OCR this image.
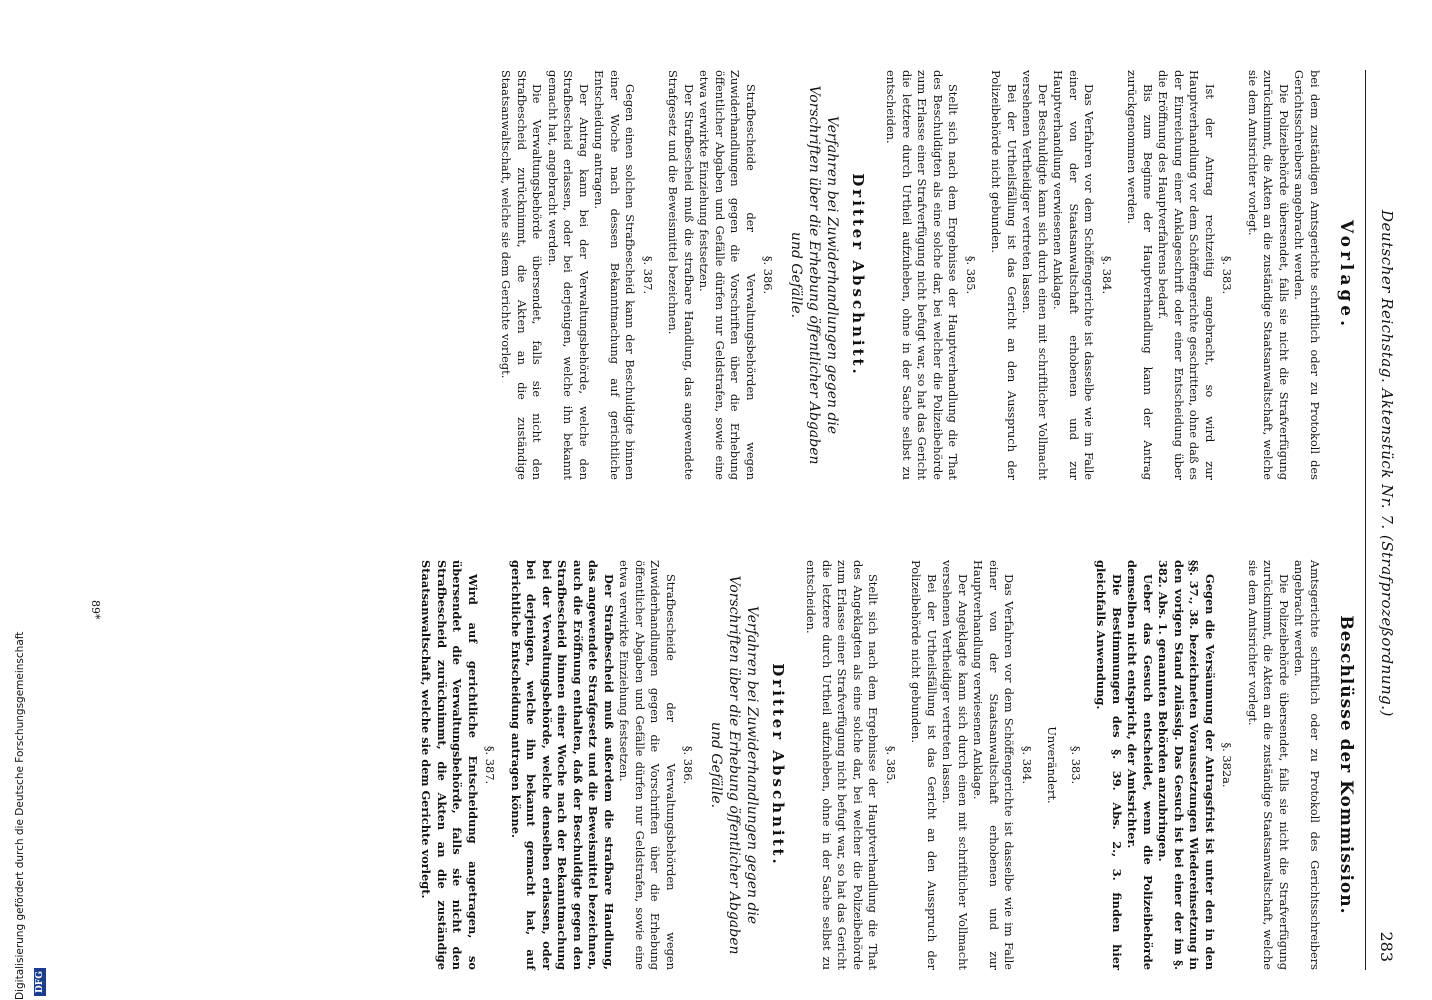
Deutscher Reichstag. Aktenstück Nr. 7. (Strafprozeßordnung.)
283
Vorlage.
Beschlüsse der Kommission.

bei dem zuständigen Amtsgerichte schriftlich oder zu Protokoll des Gerichtsschreibers angebracht werden.

Die Polizeibehörde übersendet, falls sie nicht die Strafverfügung zurücknimmt, die Akten an die zuständige Staatsanwaltschaft, welche sie dem Amtsrichter vorlegt.

§. 383.

Ist der Antrag rechtzeitig angebracht, so wird zur Hauptverhandlung vor dem Schöffengerichte geschritten, ohne daß es der Einreichung einer Anklageschrift oder einer Entscheidung über die Eröffnung des Hauptverfahrens bedarf.

Bis zum Beginne der Hauptverhandlung kann der Antrag zurückgenommen werden.

§. 384.

Das Verfahren vor dem Schöffengerichte ist dasselbe wie im Falle einer von der Staatsanwaltschaft erhobenen und zur Hauptverhandlung verwiesenen Anklage.

Der Beschuldigte kann sich durch einen mit schriftlicher Vollmacht versehenen Vertheidiger vertreten lassen.

Bei der Urtheilsfällung ist das Gericht an den Ausspruch der Polizeibehörde nicht gebunden.

§. 385.

Stellt sich nach dem Ergebnisse der Hauptverhandlung die That des Beschuldigten als eine solche dar, bei welcher die Polizeibehörde zum Erlasse einer Strafverfügung nicht befugt war, so hat das Gericht die letztere durch Urtheil aufzuheben, ohne in der Sache selbst zu entscheiden.

Dritter Abschnitt.

Verfahren bei Zuwiderhandlungen gegen die Vorschriften über die Erhebung öffentlicher Abgaben und Gefälle.

§. 386.

Strafbescheide der Verwaltungsbehörden wegen Zuwiderhandlungen gegen die Vorschriften über die Erhebung öffentlicher Abgaben und Gefälle dürfen nur Geldstrafen, sowie eine etwa verwirkte Einziehung festsetzen.

Der Strafbescheid muß die strafbare Handlung, das angewendete Strafgesetz und die Beweismittel bezeichnen.

§. 387.

Gegen einen solchen Strafbescheid kann der Beschuldigte binnen einer Woche nach dessen Bekanntmachung auf gerichtliche Entscheidung antragen.

Der Antrag kann bei der Verwaltungsbehörde, welche den Strafbescheid erlassen, oder bei derjenigen, welche ihn bekannt gemacht hat, angebracht werden.

Die Verwaltungsbehörde übersendet, falls sie nicht den Strafbescheid zurücknimmt, die Akten an die zuständige Staatsanwaltschaft, welche sie dem Gerichte vorlegt.

Amtsgerichte schriftlich oder zu Protokoll des Gerichtsschreibers angebracht werden.

Die Polizeibehörde übersendet, falls sie nicht die Strafverfügung zurücknimmt, die Akten an die zuständige Staatsanwaltschaft, welche sie dem Amtsrichter vorlegt.

§. 382a.

Gegen die Versäumung der Antragsfrist ist unter den in den §§. 37., 38. bezeichneten Voraussetzungen Wiedereinsetzung in den vorigen Stand zulässig. Das Gesuch ist bei einer der im §. 382. Abs. 1. genannten Behörden anzubringen.

Ueber das Gesuch entscheidet, wenn die Polizeibehörde demselben nicht entspricht, der Amtsrichter.

Die Bestimmungen des §. 39. Abs. 2., 3. finden hier gleichfalls Anwendung.

§. 383.

Unverändert.

§. 384.

Das Verfahren vor dem Schöffengerichte ist dasselbe wie im Falle einer von der Staatsanwaltschaft erhobenen und zur Hauptverhandlung verwiesenen Anklage.

Der Angeklagte kann sich durch einen mit schriftlicher Vollmacht versehenen Vertheidiger vertreten lassen.

Bei der Urtheilsfällung ist das Gericht an den Ausspruch der Polizeibehörde nicht gebunden.

§. 385.

Stellt sich nach dem Ergebnisse der Hauptverhandlung die That des Angeklagten als eine solche dar, bei welcher die Polizeibehörde zum Erlasse einer Strafverfügung nicht befugt war, so hat das Gericht die letztere durch Urtheil aufzuheben, ohne in der Sache selbst zu entscheiden.

Dritter Abschnitt.

Verfahren bei Zuwiderhandlungen gegen die Vorschriften über die Erhebung öffentlicher Abgaben und Gefälle.

§. 386.

Strafbescheide der Verwaltungsbehörden wegen Zuwiderhandlungen gegen die Vorschriften über die Erhebung öffentlicher Abgaben und Gefälle dürfen nur Geldstrafen, sowie eine etwa verwirkte Einziehung festsetzen.

Der Strafbescheid muß außerdem die strafbare Handlung, das angewendete Strafgesetz und die Beweismittel bezeichnen, auch die Eröffnung enthalten, daß der Beschuldigte gegen den Strafbescheid binnen einer Woche nach der Bekanntmachung bei der Verwaltungsbehörde, welche denselben erlassen, oder bei derjenigen, welche ihn bekannt gemacht hat, auf gerichtliche Entscheidung antragen könne.

§. 387.

Wird auf gerichtliche Entscheidung angetragen, so übersendet die Verwaltungsbehörde, falls sie nicht den Strafbescheid zurücknimmt, die Akten an die zuständige Staatsanwaltschaft, welche sie dem Gerichte vorlegt.

89*
Digitalisierung gefördert durch die Deutsche Forschungsgemeinschaft DFG
